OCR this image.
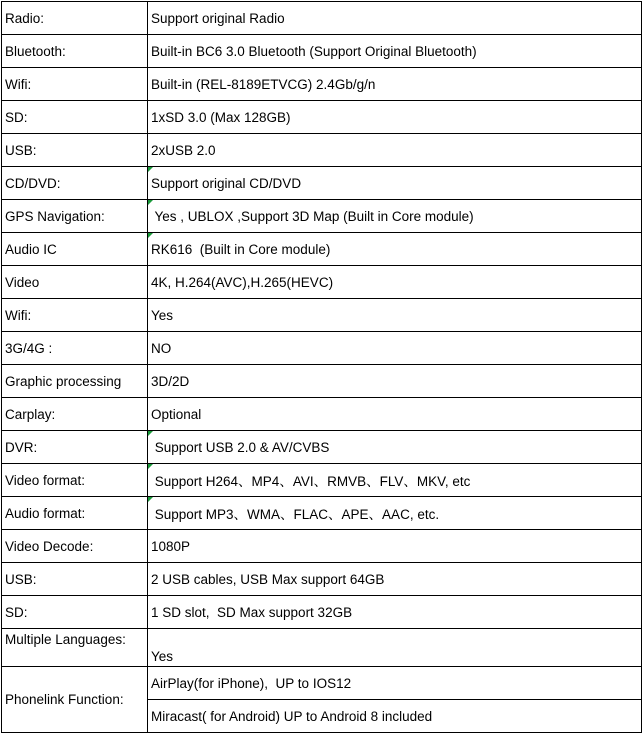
Radio:	Support original Radio
Bluetooth:	Built-in BC6 3.0 Bluetooth (Support Original Bluetooth)
Wifi:	Built-in (REL-8189ETVCG) 2.4Gb/g/n
SD:	1xSD 3.0 (Max 128GB)
USB:	2xUSB 2.0
CD/DVD:	Support original CD/DVD
GPS Navigation:	Yes , UBLOX ,Support 3D Map (Built in Core module)
Audio IC	RK616  (Built in Core module)
Video	4K, H.264(AVC),H.265(HEVC)
Wifi:	Yes
3G/4G :	NO
Graphic processing	3D/2D
Carplay:	Optional
DVR:	Support USB 2.0 & AV/CVBS
Video format:	Support H264、MP4、AVI、RMVB、FLV、MKV, etc
Audio format:	Support MP3、WMA、FLAC、APE、AAC, etc.
Video Decode:	1080P
USB:	2 USB cables, USB Max support 64GB
SD:	1 SD slot,  SD Max support 32GB
Multiple Languages:	Yes
Phonelink Function:	AirPlay(for iPhone),  UP to IOS12
	Miracast( for Android) UP to Android 8 included
